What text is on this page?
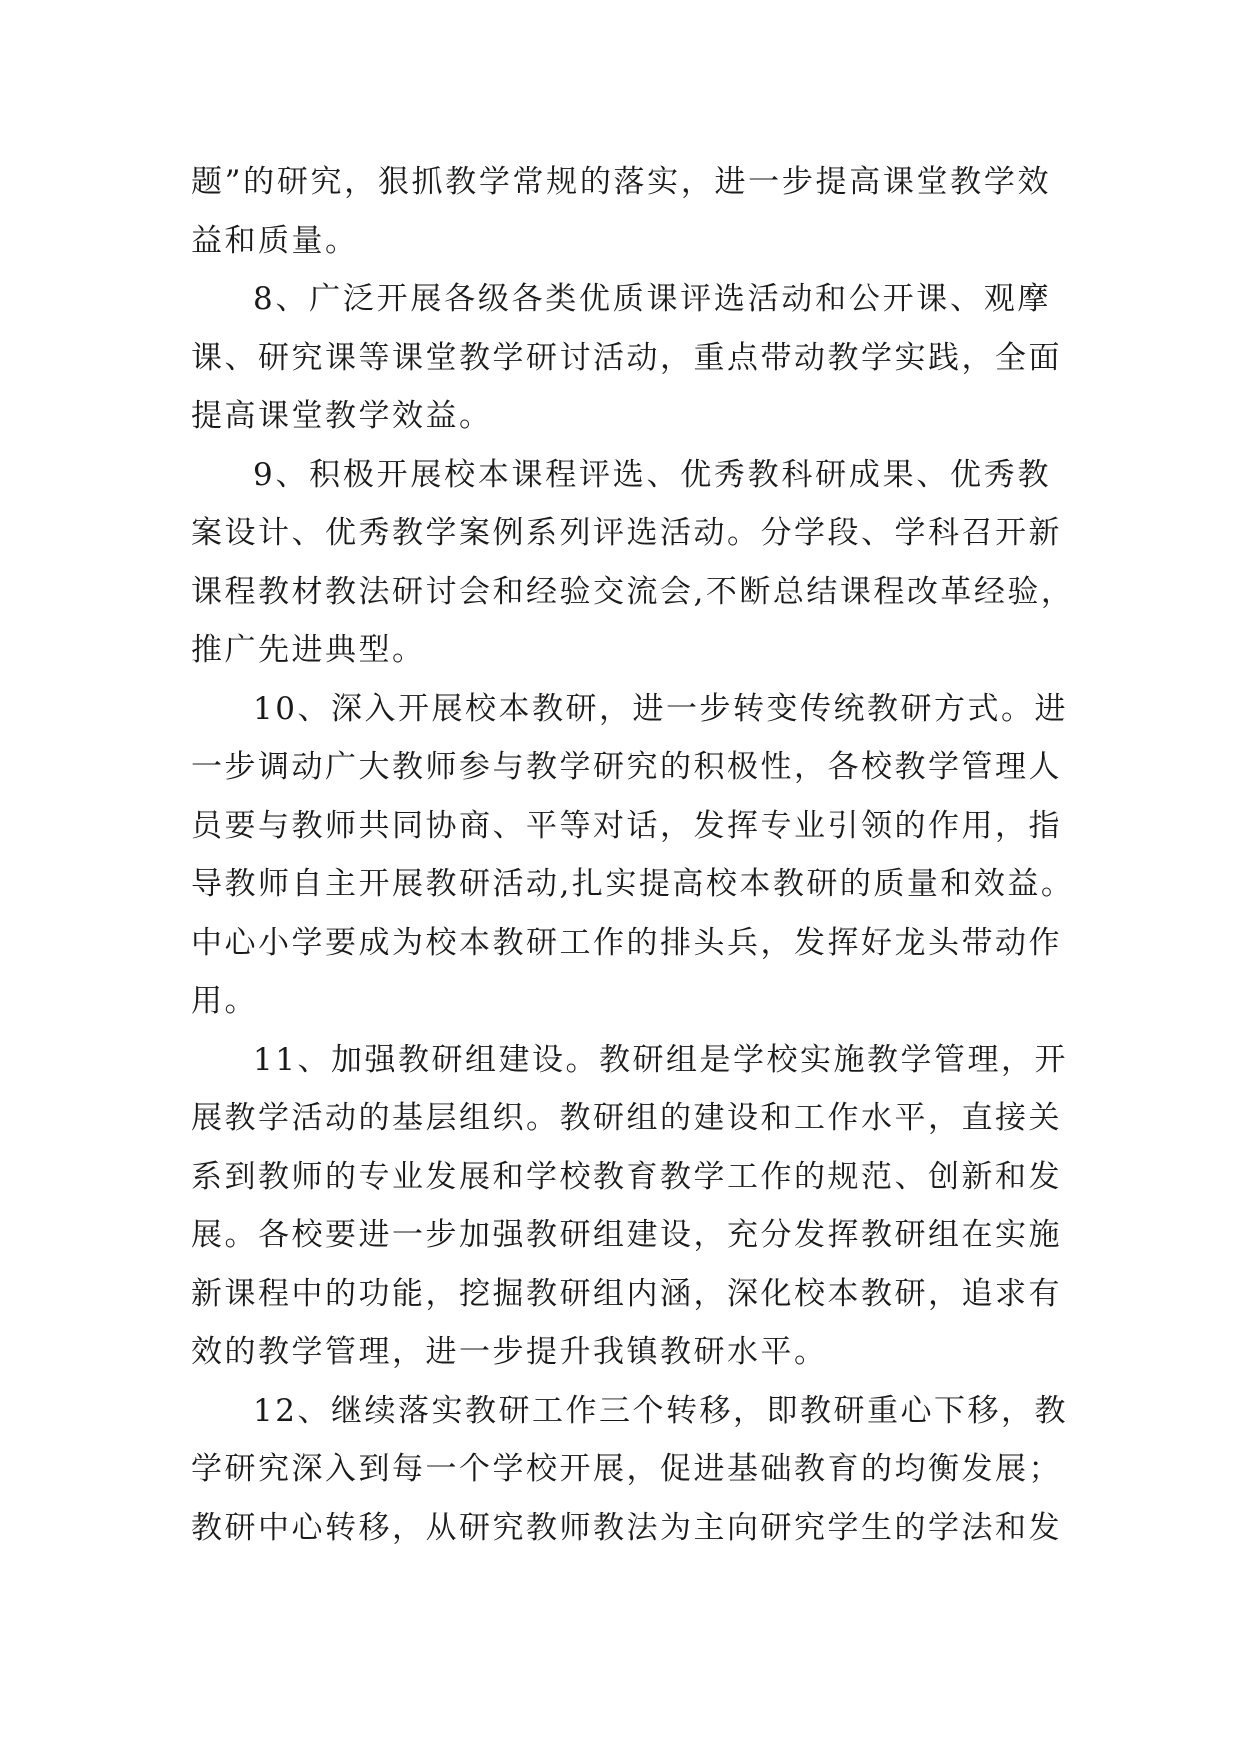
题”的研究，狠抓教学常规的落实，进一步提高课堂教学效
益和质量。
8、广泛开展各级各类优质课评选活动和公开课、观摩
课、研究课等课堂教学研讨活动，重点带动教学实践，全面
提高课堂教学效益。
9、积极开展校本课程评选、优秀教科研成果、优秀教
案设计、优秀教学案例系列评选活动。分学段、学科召开新
课程教材教法研讨会和经验交流会,不断总结课程改革经验，
推广先进典型。
10、深入开展校本教研，进一步转变传统教研方式。进
一步调动广大教师参与教学研究的积极性，各校教学管理人
员要与教师共同协商、平等对话，发挥专业引领的作用，指
导教师自主开展教研活动,扎实提高校本教研的质量和效益。
中心小学要成为校本教研工作的排头兵，发挥好龙头带动作
用。
11、加强教研组建设。教研组是学校实施教学管理，开
展教学活动的基层组织。教研组的建设和工作水平，直接关
系到教师的专业发展和学校教育教学工作的规范、创新和发
展。各校要进一步加强教研组建设，充分发挥教研组在实施
新课程中的功能，挖掘教研组内涵，深化校本教研，追求有
效的教学管理，进一步提升我镇教研水平。
12、继续落实教研工作三个转移，即教研重心下移，教
学研究深入到每一个学校开展，促进基础教育的均衡发展；
教研中心转移，从研究教师教法为主向研究学生的学法和发
